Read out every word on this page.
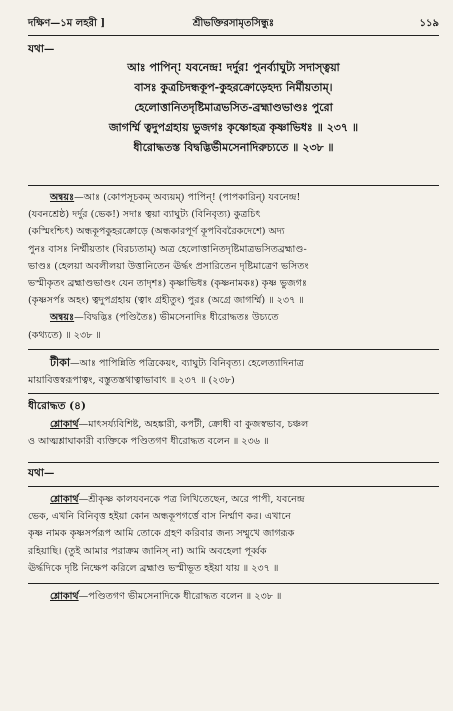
দক্ষিণ—১ম লহরী ]	শ্রীভক্তিরসামৃতসিন্ধুঃ	১১৯
যথা—
আঃ পাপিন্! যবনেন্দ্র! দর্দুর! পুনর্ব্যাঘুট্য সদাস্ত্বয়া
বাসঃ কুত্রচিদন্ধকূপ-কুহরক্রোড়েহদ্য নির্মীয়তাম্।
হেলোত্তানিতদৃষ্টিমাত্রভসিত-ব্রহ্মাণ্ডভাণ্ডঃ পুরো
জাগর্ম্মি ত্বদুপগ্রহায় ভুজগঃ কৃষ্ণোহত্র কৃষ্ণাভিধঃ ॥ ২৩৭ ॥
ধীরোদ্ধতস্ত বিদ্বদ্ভির্ভীমসেনাদিরুচ্যতে ॥ ২৩৮ ॥

অন্বয়ঃ—আঃ (কোপসূচকম্ অব্যয়ম্) পাপিন্! (পাপকারিন্) যবনেন্দ্র!

(যবনশ্রেষ্ঠ) দর্দুর (ভেক!) সদাঃ ত্বয়া ব্যাঘুট্য (বিনিবৃত্য) কুত্রচিৎ

(কস্মিংশ্চিৎ) অন্ধকূপকুহরক্রোড়ে (অন্ধকারপূর্ণ কূপবিবরৈকদেশে) অদ্য

পুনঃ বাসঃ নির্ম্মীয়তাং (বিরচ্যতাম্) অত্র হেলোত্তানিতদৃষ্টিমাত্রভসিতব্রহ্মাণ্ড-

ভাণ্ডঃ (হেলয়া অবলীলয়া উত্তানিতেন ঊর্দ্ধং প্রসারিতেন দৃষ্টিমাত্রেণ ভসিতং

ভস্মীকৃতং ব্রহ্মাণ্ডভাণ্ডং যেন তাদৃশঃ) কৃষ্ণাভিধঃ (কৃষ্ণনামকঃ) কৃষ্ণ ভুজগঃ

(কৃষ্ণসর্পঃ অহং) ত্বদুপগ্রহায় (ত্বাং গ্রহীতুং) পুরঃ (অগ্রে জাগর্ম্মি) ॥ ২৩৭ ॥

অন্বয়ঃ—বিদ্বদ্ভিঃ (পণ্ডিতৈঃ) ভীমসেনাদিঃ ধীরোদ্ধতঃ উচ্যতে

(কথ্যতে) ॥ ২৩৮ ॥

টীকা—আঃ পাপিন্নিতি পত্রিকেয়ং, ব্যাঘুট্য বিনিবৃত্য। হেলেত্যাদিনাত্র

মায়াবিত্তস্বরূপাত্বং, বস্তুতস্তথাত্বাভাবাৎ ॥ ২৩৭ ॥ (২৩৮)

ধীরোদ্ধত (৪)

শ্লোকার্থ—মাৎসর্য্যবিশিষ্ট, অহঙ্কারী, কপটী, ক্রোধী বা কুজস্বভাব, চঞ্চল

ও আত্মশ্লাঘাকারী ব্যক্তিকে পণ্ডিতগণ ধীরোদ্ধত বলেন ॥ ২৩৬ ॥

যথা—

শ্লোকার্থ—শ্রীকৃষ্ণ কালযবনকে পত্র লিখিতেছেন, অরে পাপী, যবনেন্দ্র

ভেক, এখনি বিনিবৃত্ত হইয়া কোন অন্ধকূপগর্ত্তে বাস নির্ম্মাণ কর। এখানে

কৃষ্ণ নামক কৃষ্ণসর্পরূপ আমি তোকে গ্রহণ করিবার জন্য সম্মুখে জাগরূক

রহিয়াছি। (তুই আমার পরাক্রম জানিস্ না) আমি অবহেলা পূর্ব্বক

ঊর্দ্ধদিকে দৃষ্টি নিক্ষেপ করিলে ব্রহ্মাণ্ড ভস্মীভূত হইয়া যায় ॥ ২৩৭ ॥

শ্লোকার্থ—পণ্ডিতগণ ভীমসেনাদিকে ধীরোদ্ধত বলেন ॥ ২৩৮ ॥
